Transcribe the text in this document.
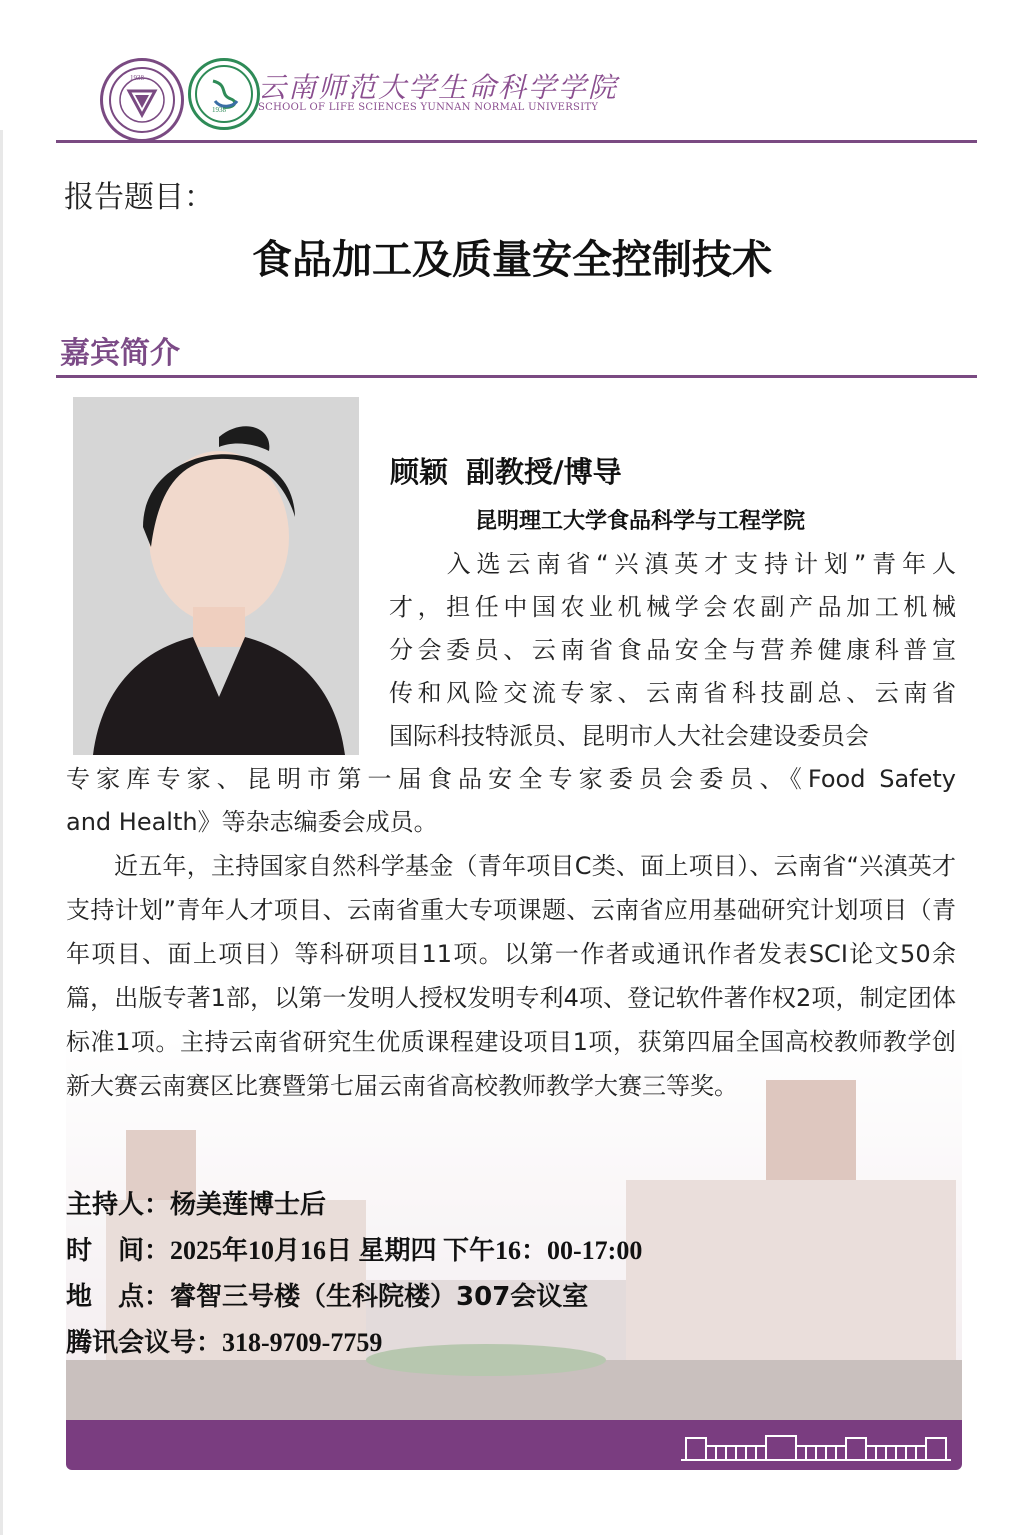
1938
1938
云南师范大学生命科学学院
SCHOOL OF LIFE SCIENCES YUNNAN NORMAL UNIVERSITY
报告题目：
食品加工及质量安全控制技术
嘉宾简介
顾颖 副教授/博导
昆明理工大学食品科学与工程学院
入选云南省“兴滇英才支持计划”青年人
才，担任中国农业机械学会农副产品加工机械
分会委员、云南省食品安全与营养健康科普宣
传和风险交流专家、云南省科技副总、云南省
国际科技特派员、昆明市人大社会建设委员会
专家库专家、昆明市第一届食品安全专家委员会委员、《Food Safety
and Health》等杂志编委会成员。
近五年，主持国家自然科学基金（青年项目C类、面上项目）、云南省“兴滇英才支持计划”青年人才项目、云南省重大专项课题、云南省应用基础研究计划项目（青年项目、面上项目）等科研项目11项。以第一作者或通讯作者发表SCI论文50余篇，出版专著1部，以第一发明人授权发明专利4项、登记软件著作权2项，制定团体标准1项。主持云南省研究生优质课程建设项目1项，获第四届全国高校教师教学创新大赛云南赛区比赛暨第七届云南省高校教师教学大赛三等奖。
主持人：杨美莲博士后
时　间：2025年10月16日 星期四 下午16：00-17:00
地　点：睿智三号楼（生科院楼）307会议室
腾讯会议号：318-9709-7759
